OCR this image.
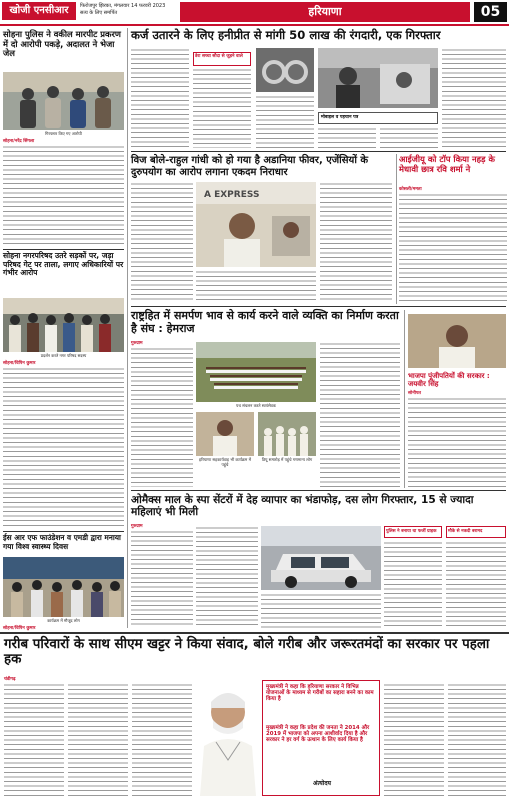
खोजी एनसीआर	फिरोजपुर झिरका, मंगलवार 14 फरवरी 2023
सत्य के लिए समर्पित	हरियाणा	05
सोहना पुलिस ने वकील मारपीट प्रकरण में दो आरोपी पकड़े, अदालत ने भेजा जेल
गिरफ्तार किए गए आरोपी
सोहना/नरेंद्र सिंगला
सोहना नगरपरिषद उतरे सड़कों पर, जड़ा परिषद गेट पर ताला, लगाए अधिकारियों पर गंभीर आरोप
प्रदर्शन करते नगर परिषद सदस्य
सोहना/विपिन कुमार
ईस आर एफ फाउंडेशन व एमडी द्वारा मनाया गया विश्व स्वास्थ्य दिवस
कार्यक्रम में मौजूद लोग
सोहना/विपिन कुमार
कर्ज उतारने के लिए हनीप्रीत से मांगी 50 लाख की रंगदारी, एक गिरफ्तार
डेरा सच्चा सौदा से जुड़ने वाले
मोबाइल व पहचान पत्र
विज बोले-राहुल गांधी को हो गया है अडानिया फीवर, एजेंसियों के दुरुपयोग का आरोप लगाना एकदम निराधार
A EXPRESS
आईजीयू को टॉप किया नहड़ के मेधावी छात्र रवि शर्मा ने
कोसली/ममता
राष्ट्रहित में समर्पण भाव से कार्य करने वाले व्यक्ति का निर्माण करता है संघ : हेमराज
गुरुग्राम
पथ संचलन करते स्वयंसेवक
हरियाणा सहकार्यवाह भी कार्यक्रम में पहुंचे
ठियू समारोह में पहुंचे गणमान्य लोग
भाजपा पूंजीपतियों की सरकार : जयवीर सिंह
सोनीपत
ओमैक्स माल के स्पा सेंटरों में देह व्यापार का भंडाफोड़, दस लोग गिरफ्तार, 15 से ज्यादा महिलाएं भी मिली
गुरुग्राम
पुलिस ने बनाया था फर्जी ग्राहक	मौके से नकदी बरामद
गरीब परिवारों के साथ सीएम खट्टर ने किया संवाद, बोले गरीब और जरूरतमंदों का सरकार पर पहला हक
चंडीगढ़
मुख्यमंत्री ने कहा कि हरियाणा सरकार ने विभिन्न योजनाओं के माध्यम से गरीबों का सहारा बनने का काम किया है
मुख्यमंत्री ने कहा कि प्रदेश की जनता ने 2014 और 2019 में भाजपा को अपना आशीर्वाद दिया है और सरकार ने हर वर्ग के उत्थान के लिए कार्य किया है
अंत्योदय
